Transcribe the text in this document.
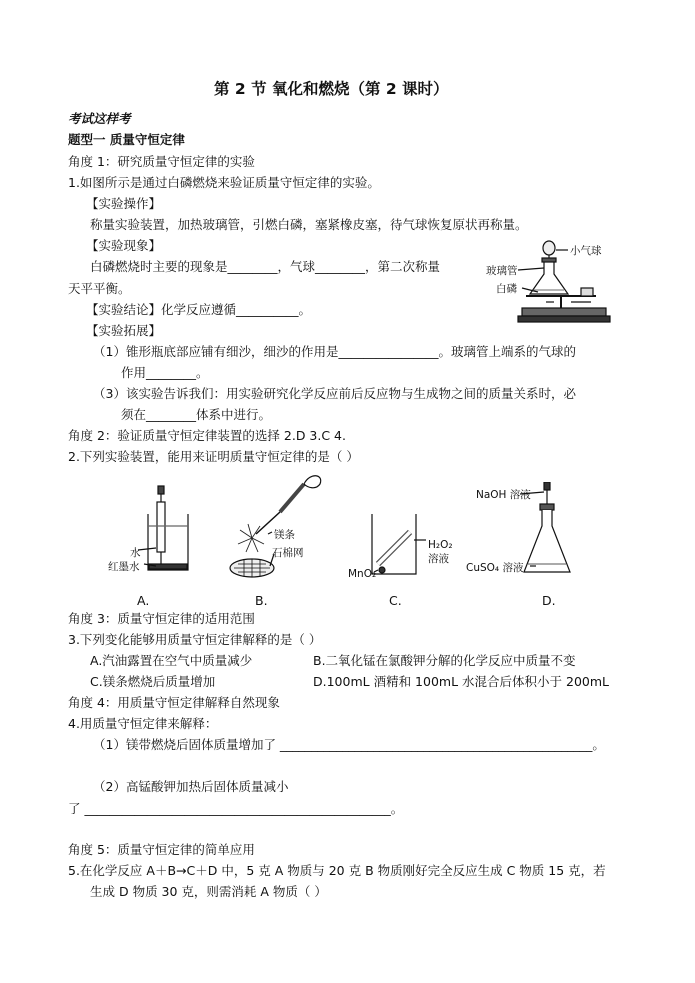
第 2 节 氧化和燃烧（第 2 课时）
考试这样考
题型一 质量守恒定律
角度 1：研究质量守恒定律的实验
1.如图所示是通过白磷燃烧来验证质量守恒定律的实验。
【实验操作】
称量实验装置，加热玻璃管，引燃白磷，塞紧橡皮塞，待气球恢复原状再称量。
【实验现象】
白磷燃烧时主要的现象是________，气球________，第二次称量
天平平衡。
【实验结论】化学反应遵循__________。
【实验拓展】
（1）锥形瓶底部应铺有细沙，细沙的作用是________________。玻璃管上端系的气球的
作用________。
（3）该实验告诉我们：用实验研究化学反应前后反应物与生成物之间的质量关系时，必
须在________体系中进行。
小气球
玻璃管
白磷
角度 2：验证质量守恒定律装置的选择 2.D 3.C 4.
2.下列实验装置，能用来证明质量守恒定律的是（ ）
水
红墨水
A.
镁条
石棉网
B.
MnO₂
H₂O₂
溶液
C.
NaOH 溶液
CuSO₄ 溶液
D.
角度 3：质量守恒定律的适用范围
3.下列变化能够用质量守恒定律解释的是（ ）
A.汽油露置在空气中质量减少	B.二氧化锰在氯酸钾分解的化学反应中质量不变
C.镁条燃烧后质量增加	D.100mL 酒精和 100mL 水混合后体积小于 200mL
角度 4：用质量守恒定律解释自然现象
4.用质量守恒定律来解释：
（1）镁带燃烧后固体质量增加了 __________________________________________________。
（2）高锰酸钾加热后固体质量减小
了 _________________________________________________。
角度 5：质量守恒定律的简单应用
5.在化学反应 A＋B→C＋D 中，5 克 A 物质与 20 克 B 物质刚好完全反应生成 C 物质 15 克，若
生成 D 物质 30 克，则需消耗 A 物质（ ）
